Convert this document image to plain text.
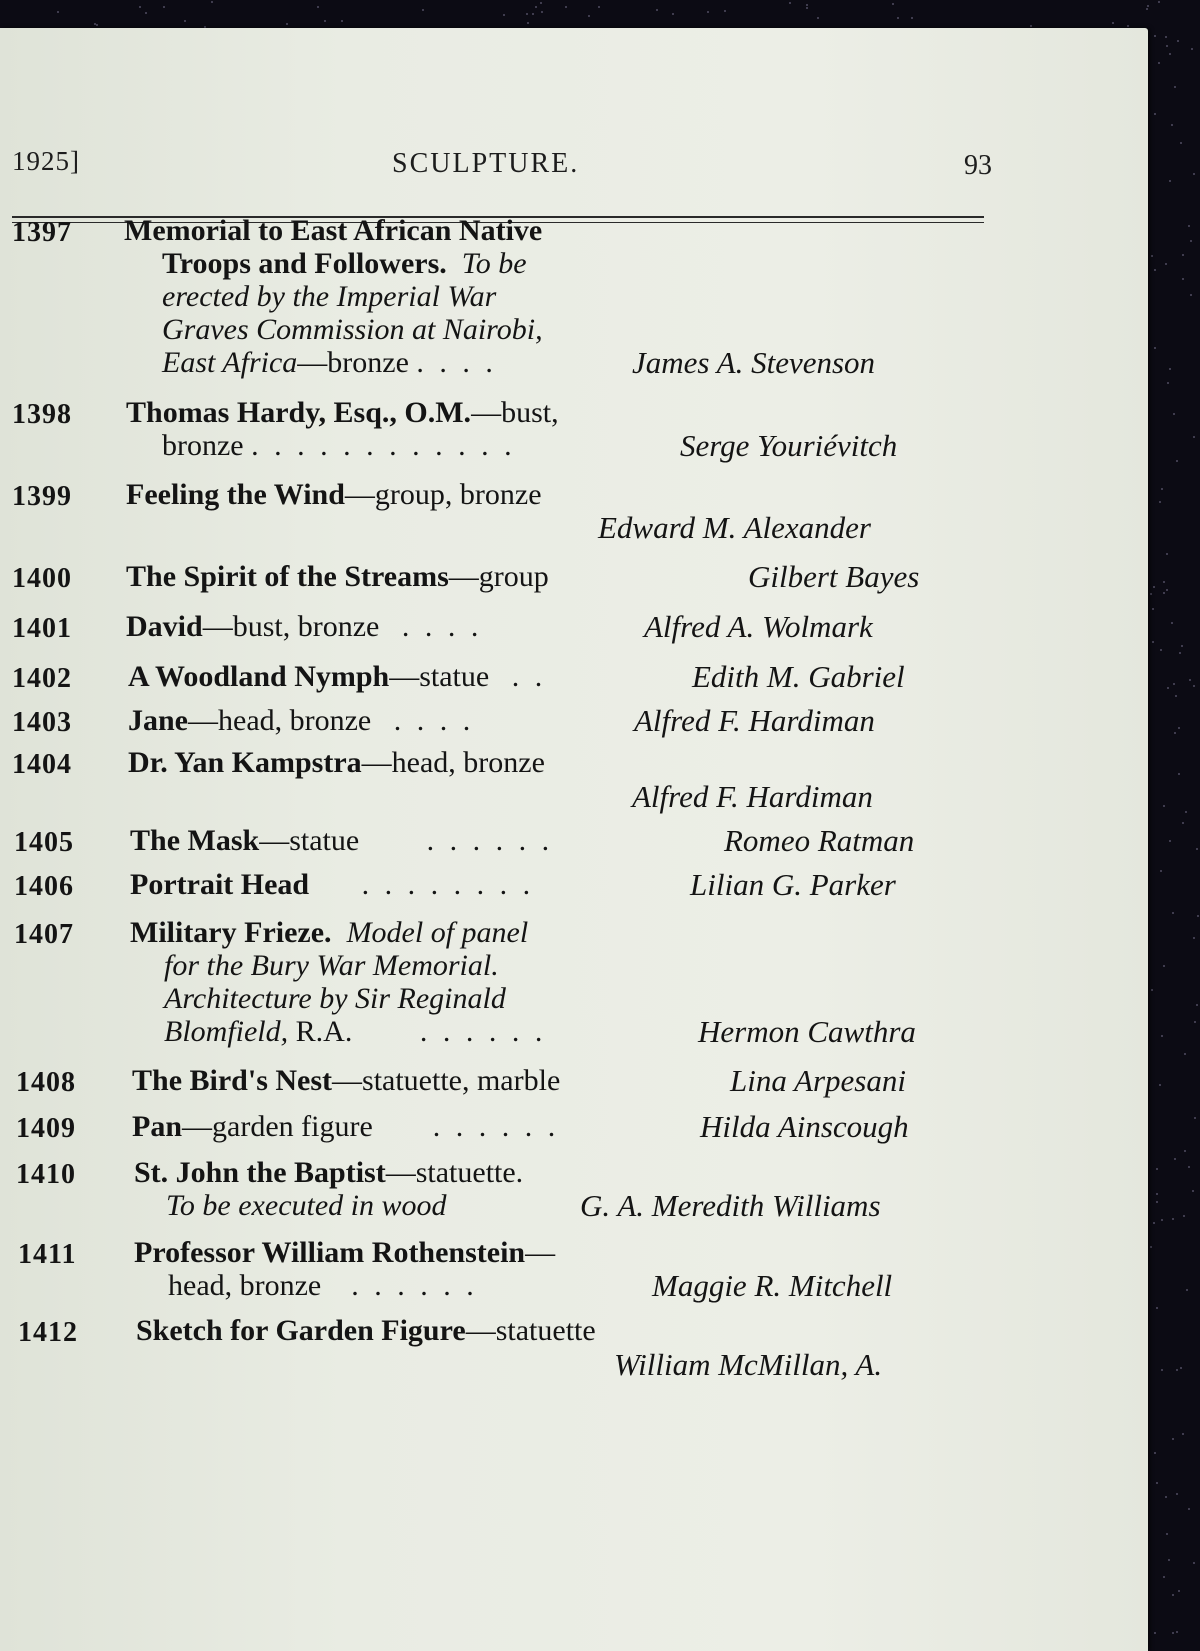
1925]	SCULPTURE.	93
1397 Memorial to East African Native
Troops and Followers. To be
erected by the Imperial War
Graves Commission at Nairobi,
East Africa—bronze . . . .	James A. Stevenson
1398 Thomas Hardy, Esq., O.M.—bust,
bronze . . . . . . . . . . . .	Serge Youriévitch
1399 Feeling the Wind—group, bronze
Edward M. Alexander
1400 The Spirit of the Streams—group	Gilbert Bayes
1401 David—bust, bronze . . . .	Alfred A. Wolmark
1402 A Woodland Nymph—statue . .	Edith M. Gabriel
1403 Jane—head, bronze . . . .	Alfred F. Hardiman
1404 Dr. Yan Kampstra—head, bronze
Alfred F. Hardiman
1405 The Mask—statue . . . . . .	Romeo Ratman
1406 Portrait Head . . . . . . . .	Lilian G. Parker
1407 Military Frieze. Model of panel
for the Bury War Memorial.
Architecture by Sir Reginald
Blomfield, R.A. . . . . . .	Hermon Cawthra
1408 The Bird's Nest—statuette, marble	Lina Arpesani
1409 Pan—garden figure . . . . . .	Hilda Ainscough
1410 St. John the Baptist—statuette.
To be executed in wood	G. A. Meredith Williams
1411 Professor William Rothenstein—
head, bronze . . . . . .	Maggie R. Mitchell
1412 Sketch for Garden Figure—statuette
William McMillan, A.
